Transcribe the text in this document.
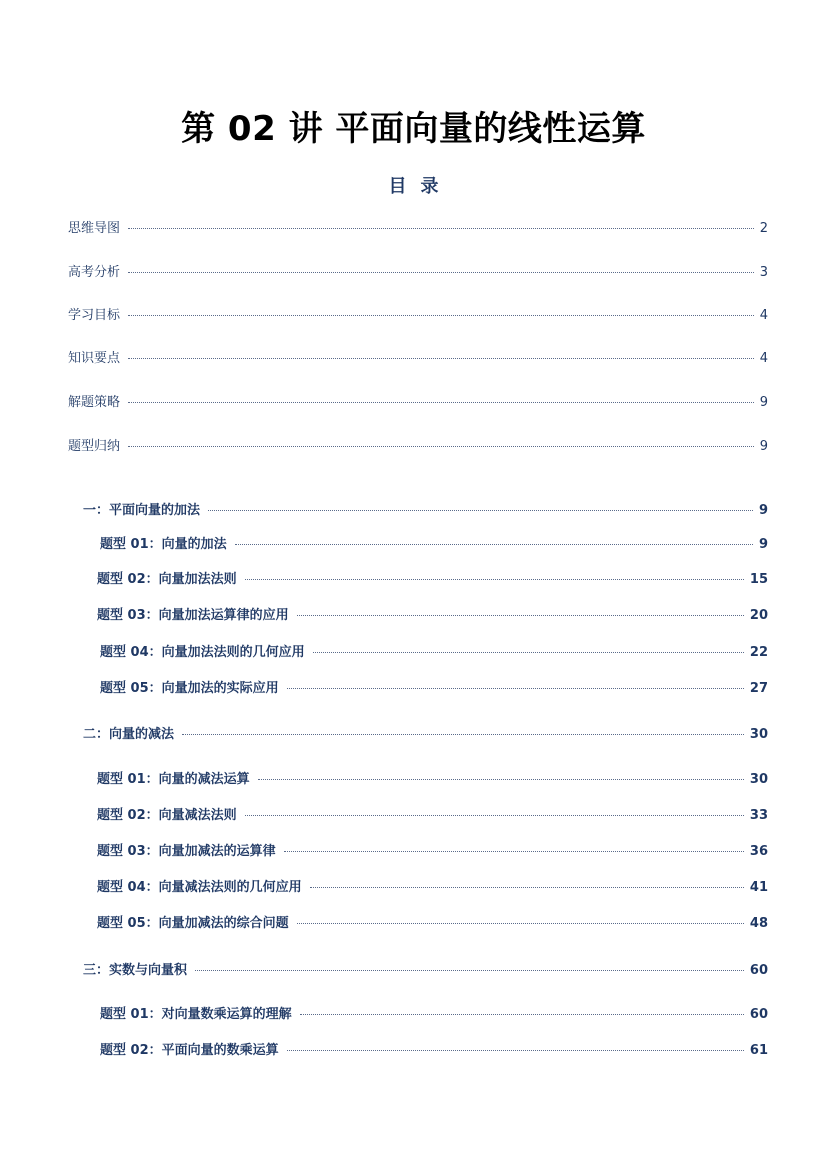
第 02 讲 平面向量的线性运算
目录
思维导图	2
高考分析	3
学习目标	4
知识要点	4
解题策略	9
题型归纳	9
一：平面向量的加法	9
题型 01：向量的加法	9
题型 02：向量加法法则	15
题型 03：向量加法运算律的应用	20
题型 04：向量加法法则的几何应用	22
题型 05：向量加法的实际应用	27
二：向量的减法	30
题型 01：向量的减法运算	30
题型 02：向量减法法则	33
题型 03：向量加减法的运算律	36
题型 04：向量减法法则的几何应用	41
题型 05：向量加减法的综合问题	48
三：实数与向量积	60
题型 01：对向量数乘运算的理解	60
题型 02：平面向量的数乘运算	61
